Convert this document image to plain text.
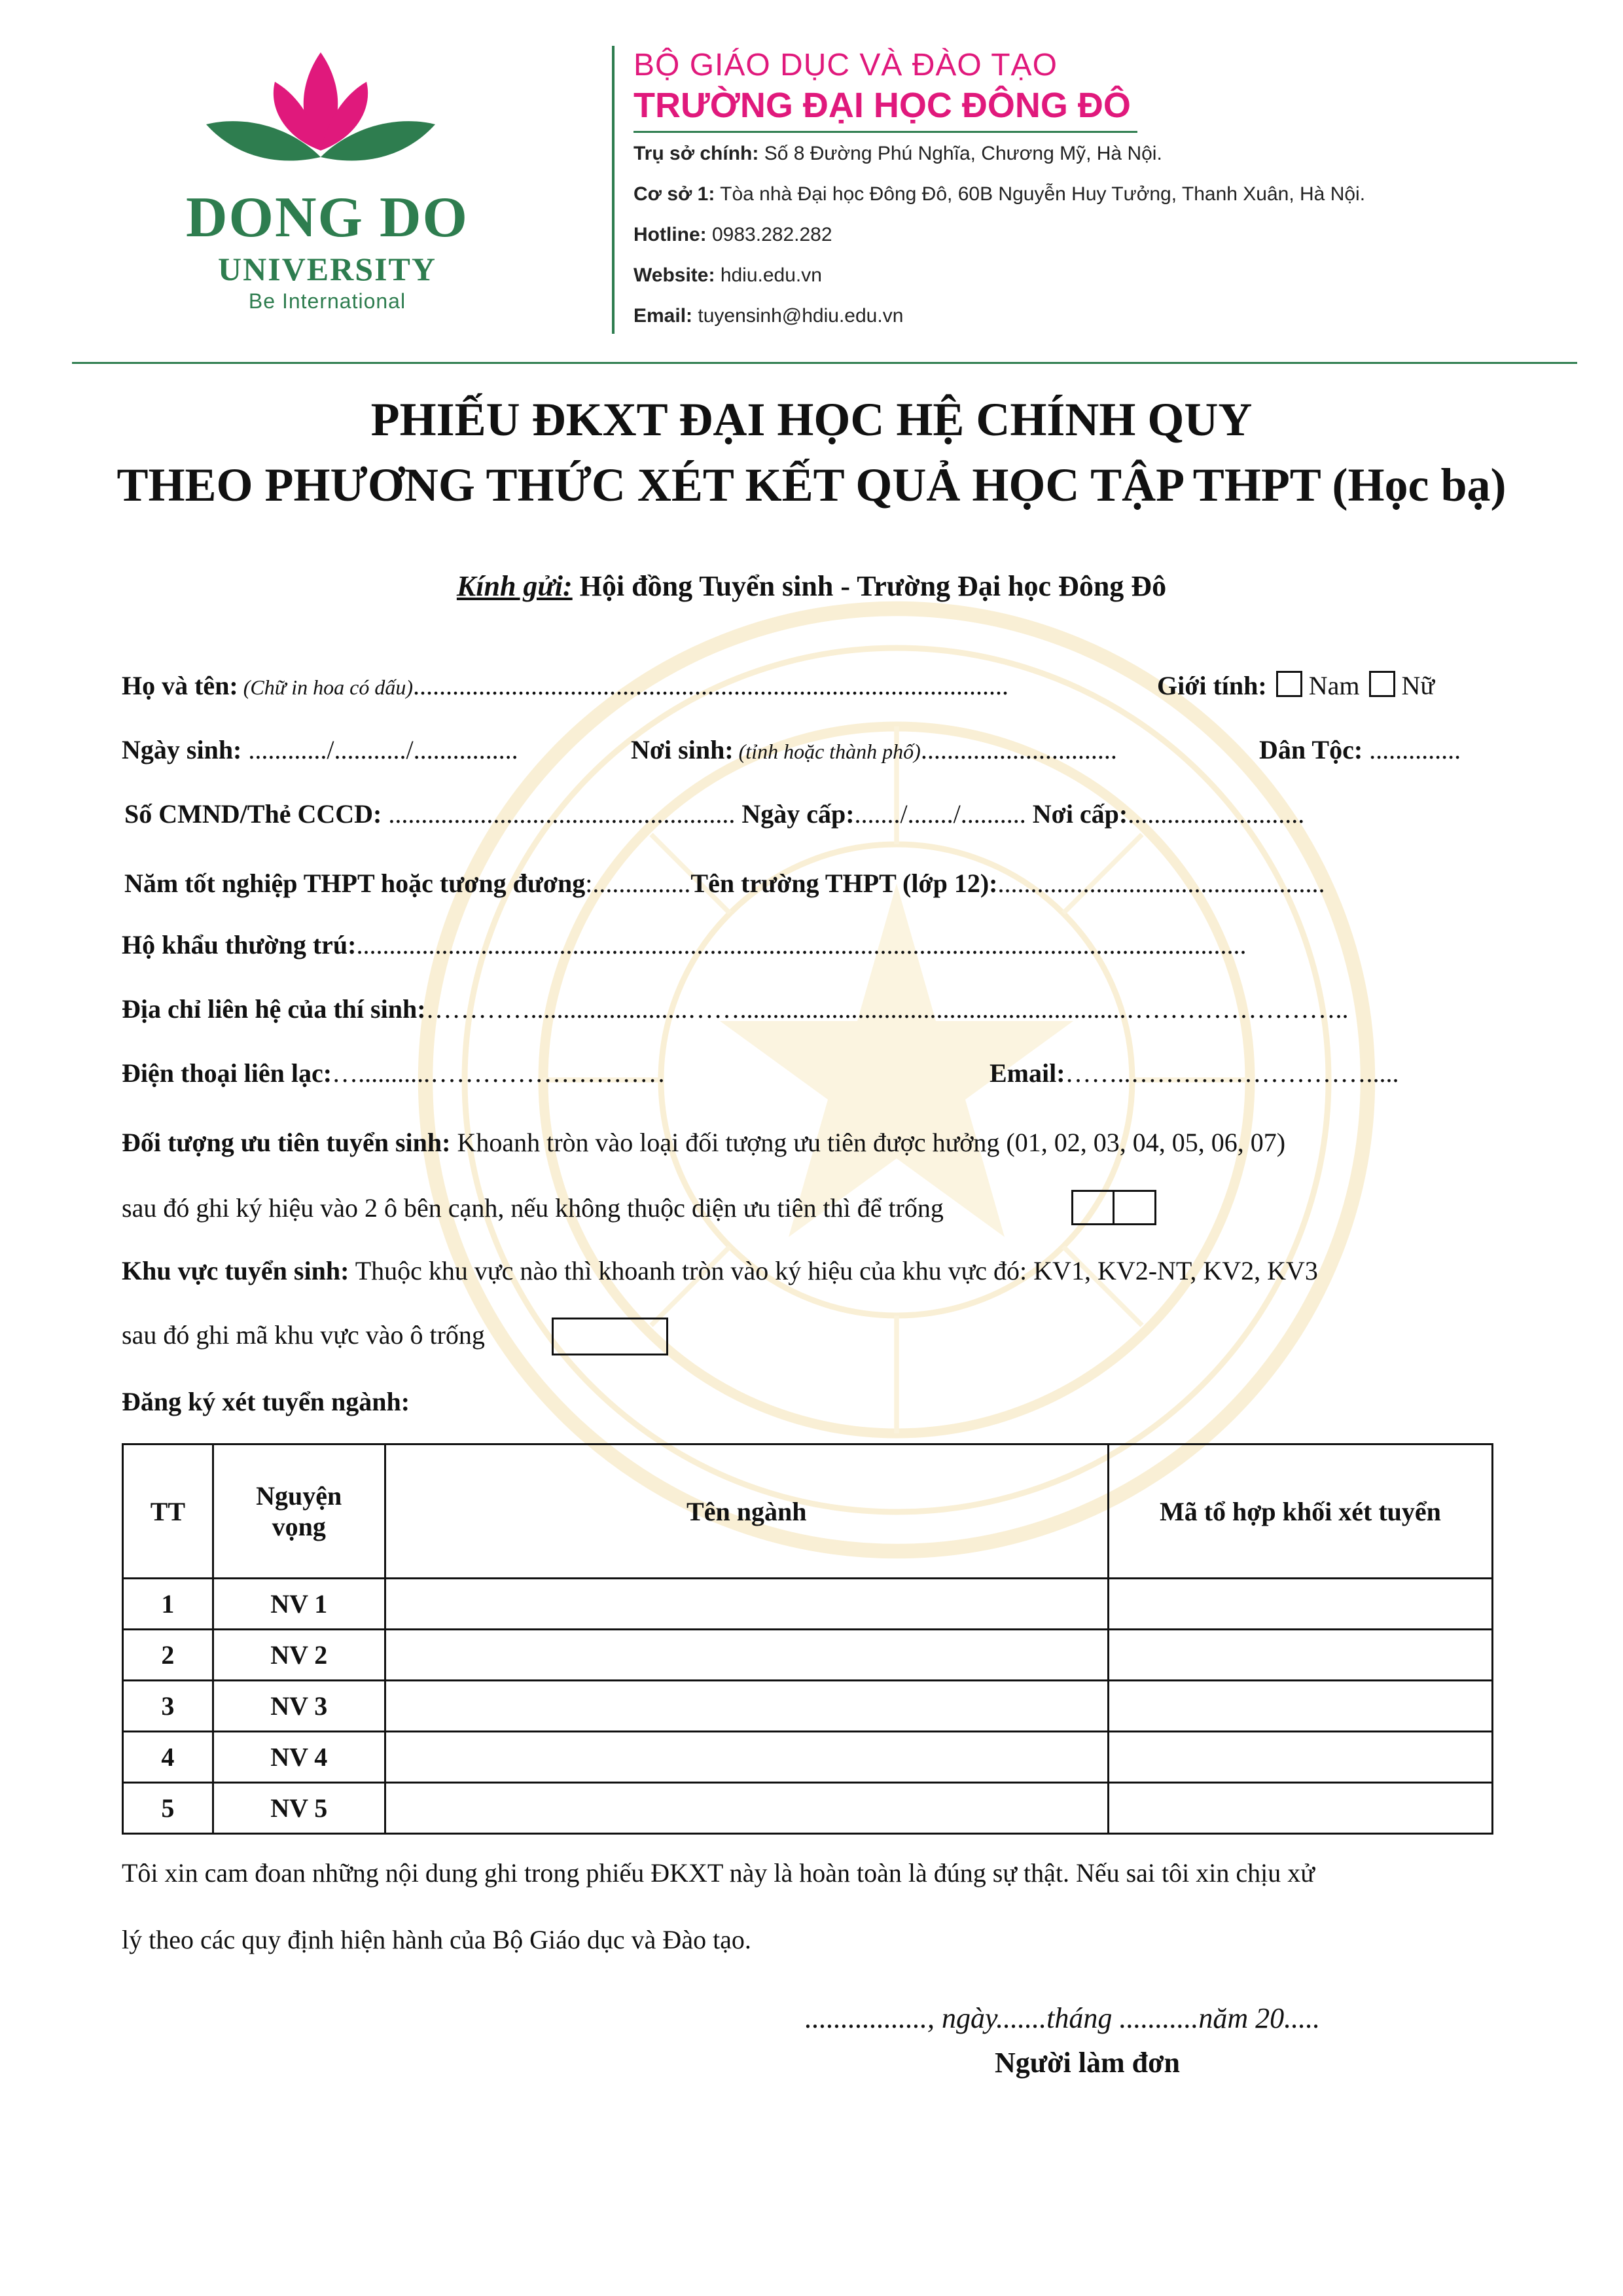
DONG DO
UNIVERSITY
Be International
BỘ GIÁO DỤC VÀ ĐÀO TẠO
TRƯỜNG ĐẠI HỌC ĐÔNG ĐÔ
Trụ sở chính: Số 8 Đường Phú Nghĩa, Chương Mỹ, Hà Nội.
Cơ sở 1: Tòa nhà Đại học Đông Đô, 60B Nguyễn Huy Tưởng, Thanh Xuân, Hà Nội.
Hotline: 0983.282.282
Website: hdiu.edu.vn
Email: tuyensinh@hdiu.edu.vn
PHIẾU ĐKXT ĐẠI HỌC HỆ CHÍNH QUY
THEO PHƯƠNG THỨC XÉT KẾT QUẢ HỌC TẬP THPT (Học bạ)
Kính gửi: Hội đồng Tuyển sinh - Trường Đại học Đông Đô
Họ và tên: (Chữ in hoa có dấu)...........................................................................................	Giới tính: Nam Nữ
Ngày sinh: ............/.........../................	Nơi sinh: (tỉnh hoặc thành phố)..............................	Dân Tộc: ..............
Số CMND/Thẻ CCCD: ..................................................... Ngày cấp:......./......./.......... Nơi cấp:...........................
Năm tốt nghiệp THPT hoặc tương đương:...............Tên trường THPT (lớp 12):..................................................
Hộ khẩu thường trú:........................................................................................................................................
Địa chỉ liên hệ của thí sinh:…………........................……...........................................................……………………..
Điện thoại liên lạc:…...........………………………	Email:……..……………………….....
Đối tượng ưu tiên tuyển sinh: Khoanh tròn vào loại đối tượng ưu tiên được hưởng (01, 02, 03, 04, 05, 06, 07)
sau đó ghi ký hiệu vào 2 ô bên cạnh, nếu không thuộc diện ưu tiên thì để trống
Khu vực tuyển sinh: Thuộc khu vực nào thì khoanh tròn vào ký hiệu của khu vực đó: KV1, KV2-NT, KV2, KV3
sau đó ghi mã khu vực vào ô trống
Đăng ký xét tuyển ngành:
TT	Nguyện vọng	Tên ngành	Mã tổ hợp khối xét tuyển
1	NV 1		
2	NV 2		
3	NV 3		
4	NV 4		
5	NV 5		
Tôi xin cam đoan những nội dung ghi trong phiếu ĐKXT này là hoàn toàn là đúng sự thật. Nếu sai tôi xin chịu xử
lý theo các quy định hiện hành của Bộ Giáo dục và Đào tạo.
................., ngày.......tháng ...........năm 20.....
Người làm đơn
